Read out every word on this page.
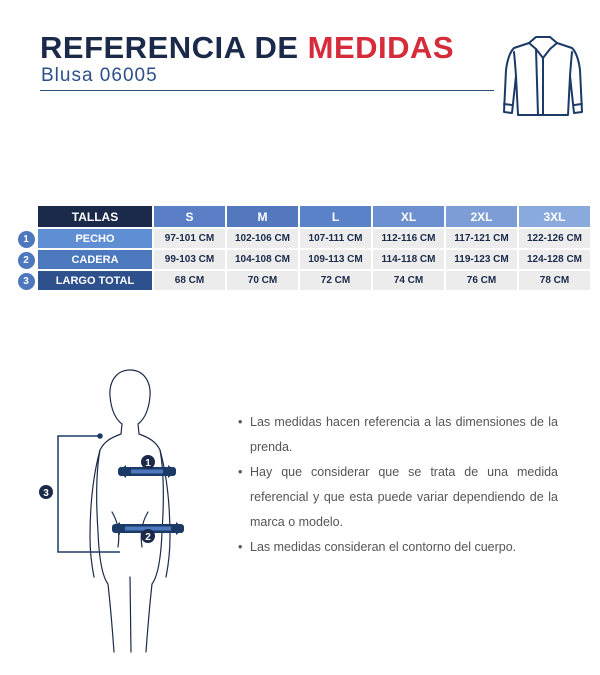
REFERENCIA DE MEDIDAS
Blusa 06005
	TALLAS	S	M	L	XL	2XL	3XL
1	PECHO	97-101 CM	102-106 CM	107-111 CM	112-116 CM	117-121 CM	122-126 CM
2	CADERA	99-103 CM	104-108 CM	109-113 CM	114-118 CM	119-123 CM	124-128 CM
3	LARGO TOTAL	68 CM	70 CM	72 CM	74 CM	76 CM	78 CM
1
2
3
• Las medidas hacen referencia a las dimensiones de la prenda.
• Hay que considerar que se trata de una medida referencial y que esta puede variar dependiendo de la marca o modelo.
• Las medidas consideran el contorno del cuerpo.
